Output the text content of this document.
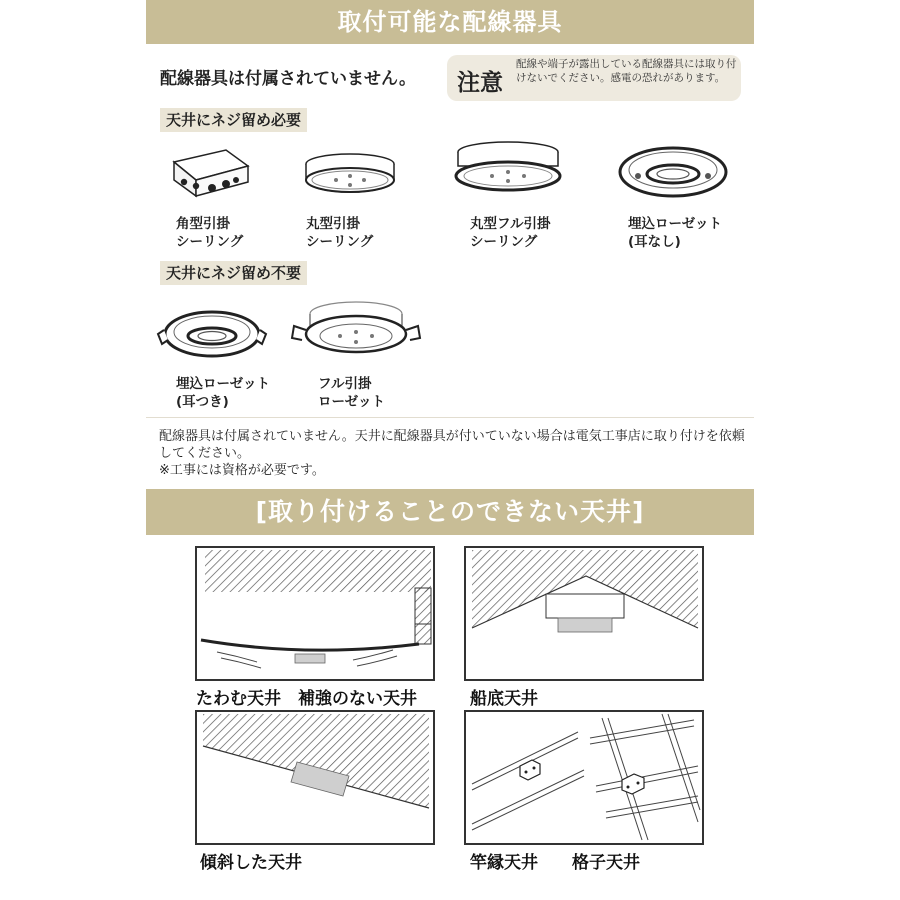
取付可能な配線器具
配線器具は付属されていません。 注意
配線や端子が露出している配線器具には取り付けないでください。感電の恐れがあります。
天井にネジ留め必要
角型引掛
シーリング
丸型引掛
シーリング
丸型フル引掛
シーリング
埋込ローゼット
(耳なし)
天井にネジ留め不要
埋込ローゼット
(耳つき)
フル引掛
ローゼット
配線器具は付属されていません。天井に配線器具が付いていない場合は電気工事店に取り付けを依頼してください。
※工事には資格が必要です。
[取り付けることのできない天井]
たわむ天井　補強のない天井	船底天井
傾斜した天井	竿縁天井　　格子天井
